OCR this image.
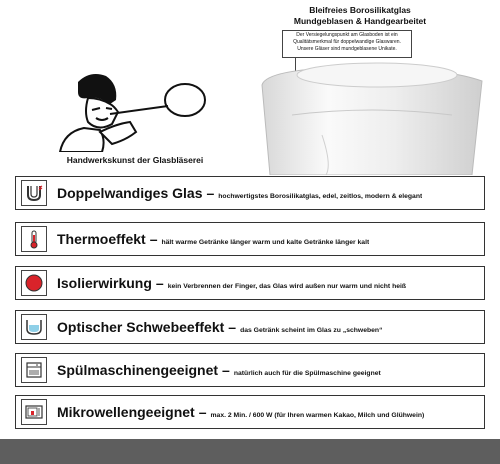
Handwerkskunst der Glasbläserei
Bleifreies Borosilikatglas
Mundgeblasen & Handgearbeitet
Der Versiegelungspunkt am Glasboden ist ein Qualitätsmerkmal für doppelwandige Glaswaren. Unsere Gläser sind mundgeblasene Unikate.
Doppelwandiges Glas – hochwertigstes Borosilikatglas, edel, zeitlos, modern & elegant
Thermoeffekt – hält warme Getränke länger warm und kalte Getränke länger kalt
Isolierwirkung – kein Verbrennen der Finger, das Glas wird außen nur warm und nicht heiß
Optischer Schwebeeffekt – das Getränk scheint im Glas zu „schweben“
Spülmaschinengeeignet – natürlich auch für die Spülmaschine geeignet
Mikrowellengeeignet – max. 2 Min. / 600 W (für Ihren warmen Kakao, Milch und Glühwein)
